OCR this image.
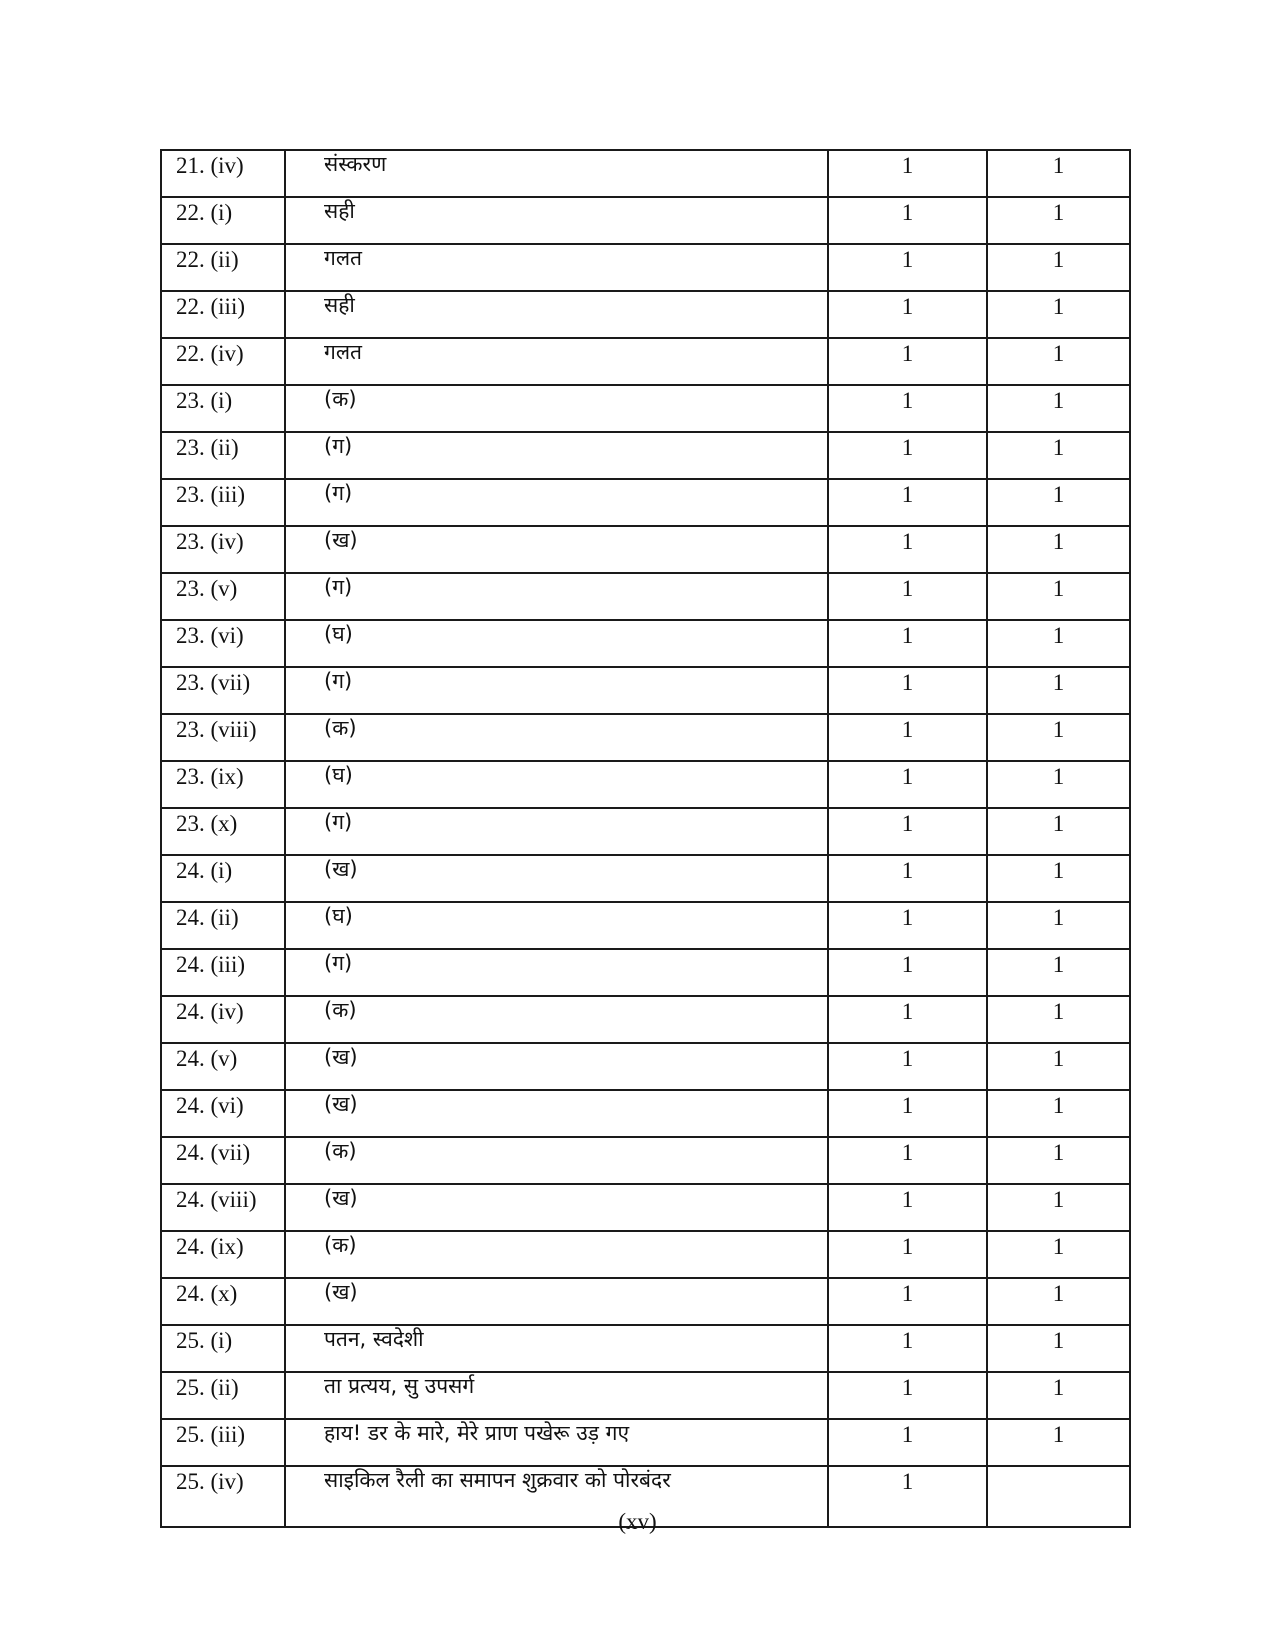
21. (iv)	संस्करण	1	1
22. (i)	सही	1	1
22. (ii)	गलत	1	1
22. (iii)	सही	1	1
22. (iv)	गलत	1	1
23. (i)	(क)	1	1
23. (ii)	(ग)	1	1
23. (iii)	(ग)	1	1
23. (iv)	(ख)	1	1
23. (v)	(ग)	1	1
23. (vi)	(घ)	1	1
23. (vii)	(ग)	1	1
23. (viii)	(क)	1	1
23. (ix)	(घ)	1	1
23. (x)	(ग)	1	1
24. (i)	(ख)	1	1
24. (ii)	(घ)	1	1
24. (iii)	(ग)	1	1
24. (iv)	(क)	1	1
24. (v)	(ख)	1	1
24. (vi)	(ख)	1	1
24. (vii)	(क)	1	1
24. (viii)	(ख)	1	1
24. (ix)	(क)	1	1
24. (x)	(ख)	1	1
25. (i)	पतन, स्वदेशी	1	1
25. (ii)	ता प्रत्यय, सु उपसर्ग	1	1
25. (iii)	हाय! डर के मारे, मेरे प्राण पखेरू उड़ गए	1	1
25. (iv)	साइकिल रैली का समापन शुक्रवार को पोरबंदर	1	
(xv)
